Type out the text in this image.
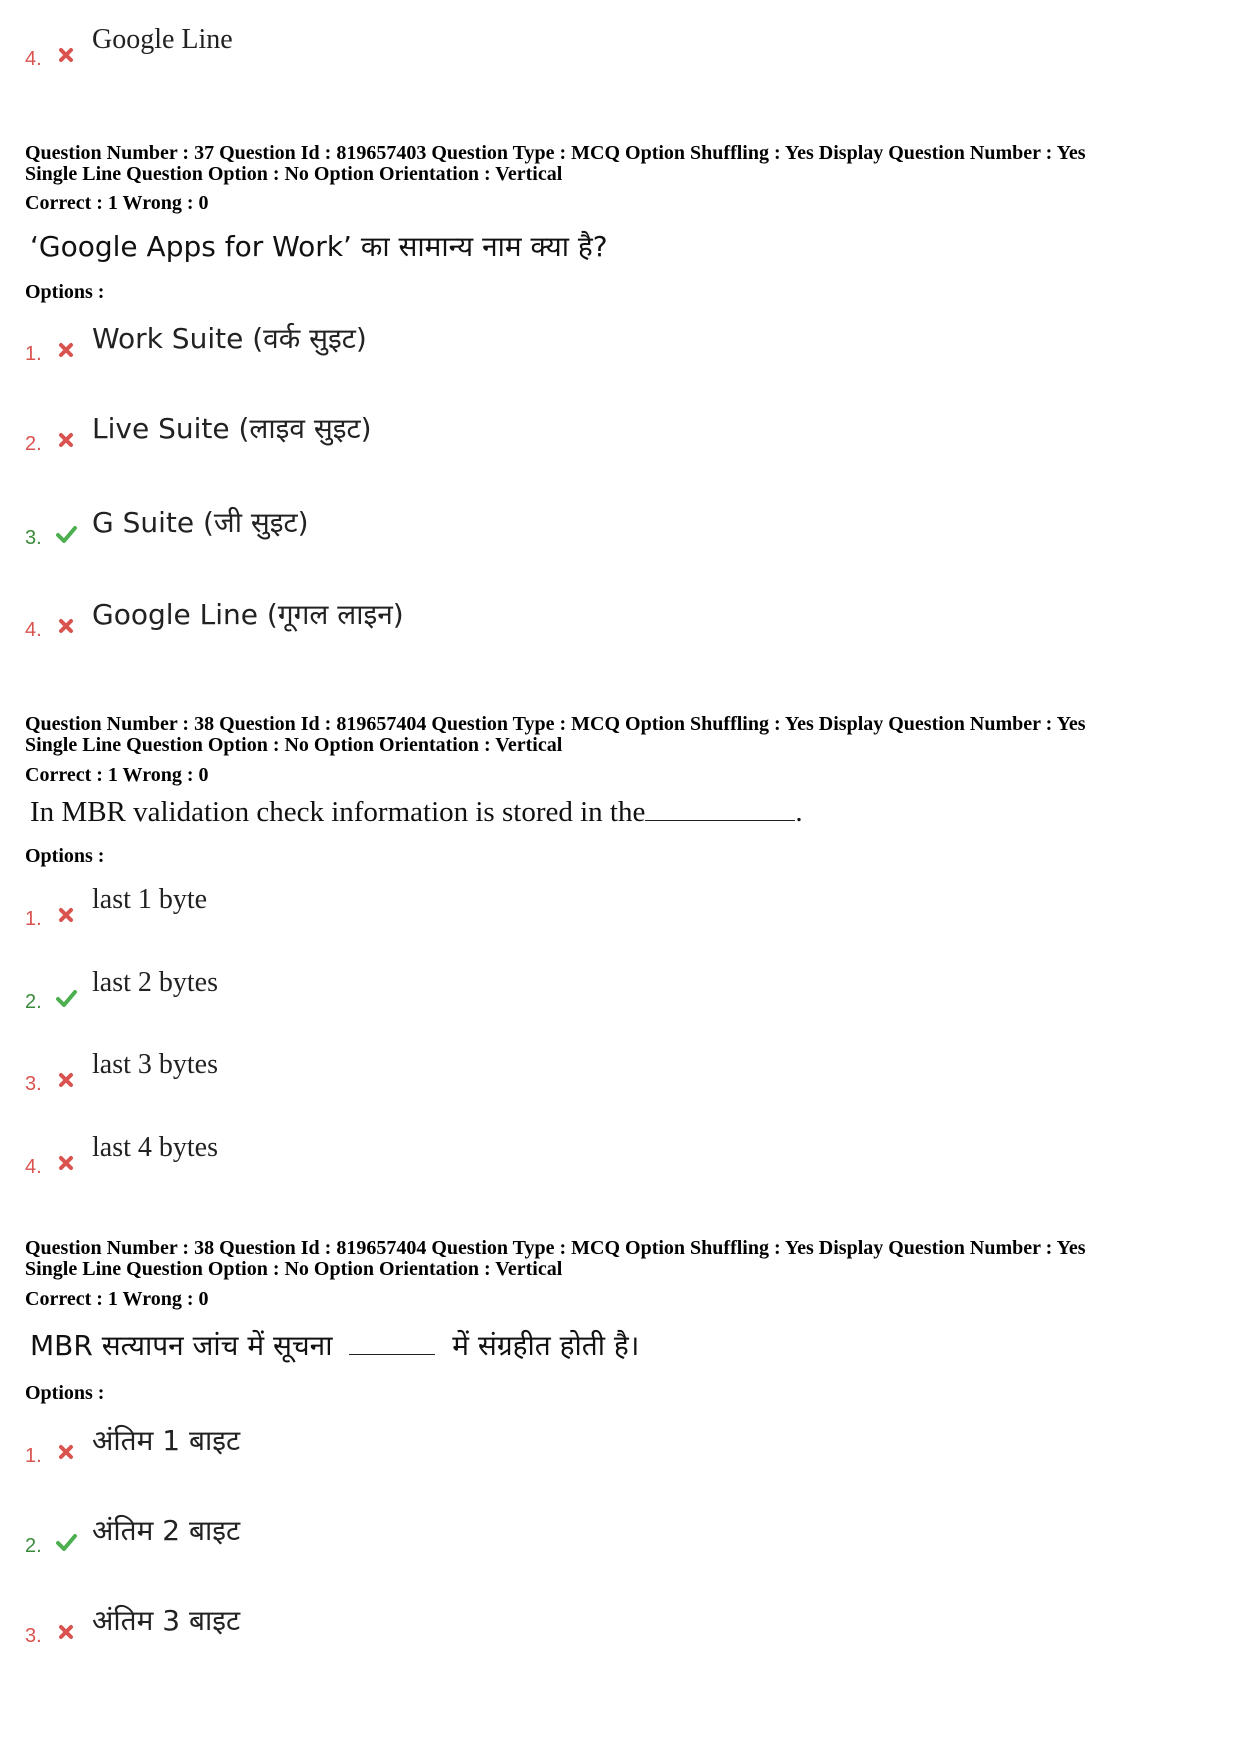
4.
Google Line
Question Number : 37 Question Id : 819657403 Question Type : MCQ Option Shuffling : Yes Display Question Number : Yes
Single Line Question Option : No Option Orientation : Vertical
Correct : 1 Wrong : 0
‘Google Apps for Work’ का सामान्य नाम क्या है?
Options :
1. Work Suite (वर्क सुइट)
2. Live Suite (लाइव सुइट)
3. G Suite (जी सुइट)
4. Google Line (गूगल लाइन)
Question Number : 38 Question Id : 819657404 Question Type : MCQ Option Shuffling : Yes Display Question Number : Yes
Single Line Question Option : No Option Orientation : Vertical
Correct : 1 Wrong : 0
In MBR validation check information is stored in the	.
Options :
1.
last 1 byte
2.
last 2 bytes
3.
last 3 bytes
4.
last 4 bytes
Question Number : 38 Question Id : 819657404 Question Type : MCQ Option Shuffling : Yes Display Question Number : Yes
Single Line Question Option : No Option Orientation : Vertical
Correct : 1 Wrong : 0
MBR सत्यापन जांच में सूचना	में संग्रहीत होती है।
Options :
1. अंतिम 1 बाइट
2. अंतिम 2 बाइट
3. अंतिम 3 बाइट
